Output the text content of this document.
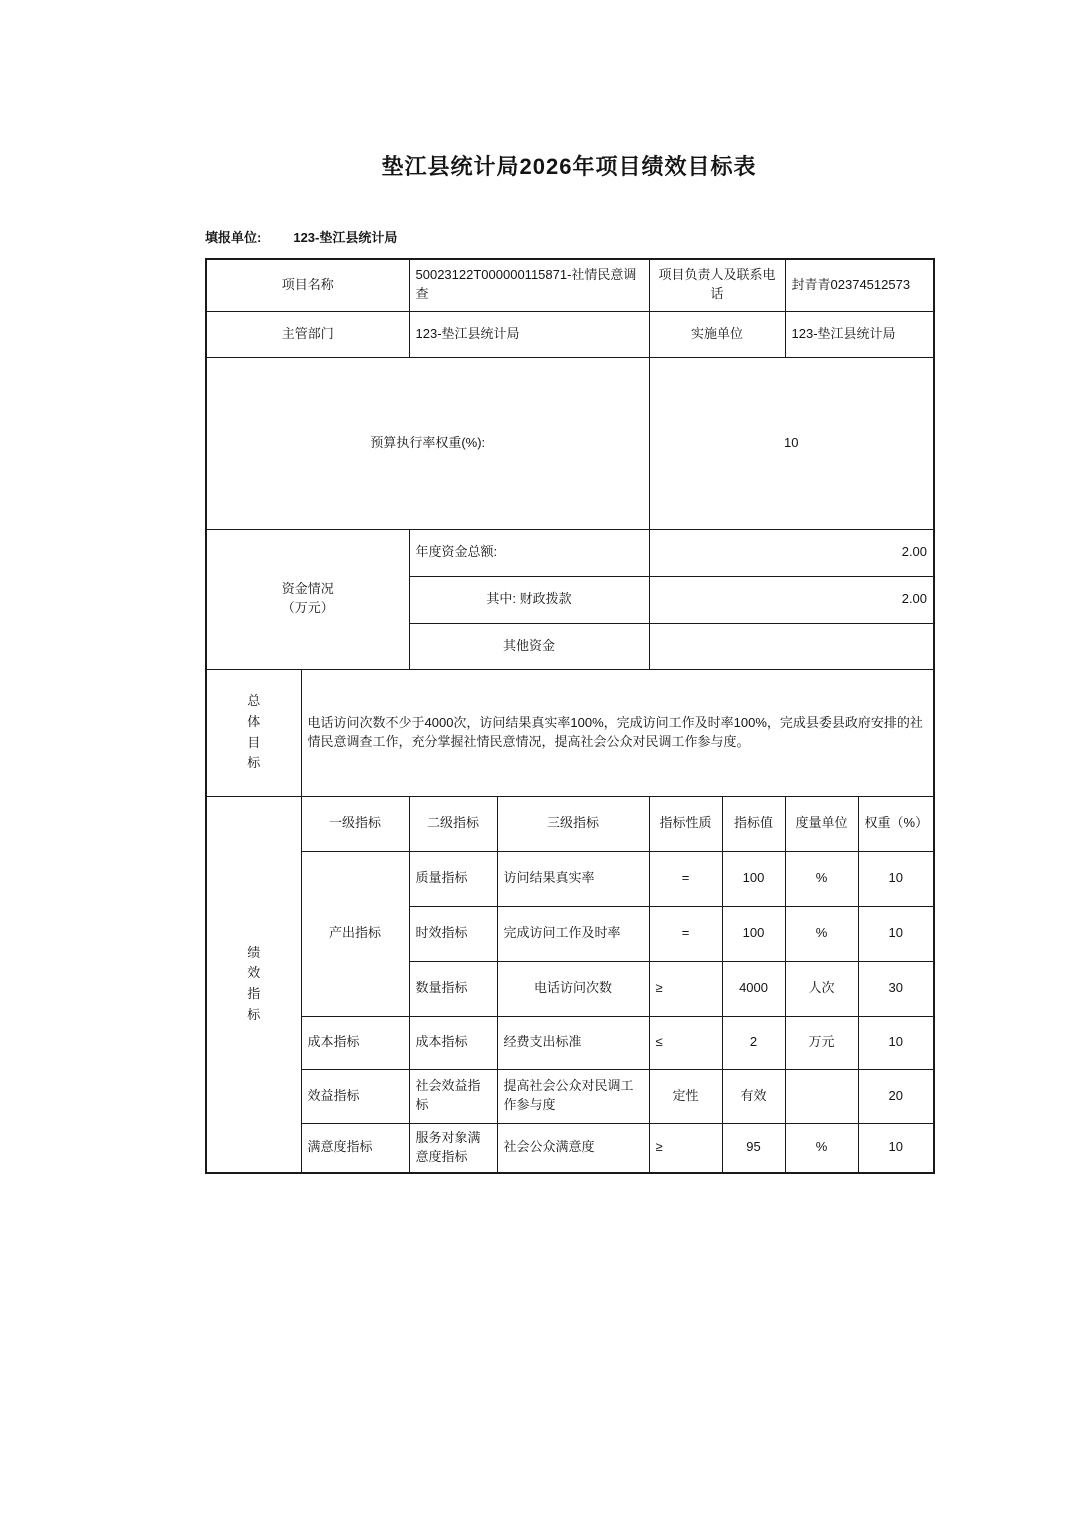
垫江县统计局2026年项目绩效目标表
填报单位: 123-垫江县统计局
项目名称		50023122T000000115871-社情民意调查		项目负责人及联系电话		封青青02374512573	
主管部门		123-垫江县统计局		实施单位		123-垫江县统计局	
预算执行率权重(%):				10			

资金情况
（万元）		年度资金总额:		2.00			
		其中: 财政拨款		2.00			
		其他资金					

总体目标	电话访问次数不少于4000次，访问结果真实率100%，完成访问工作及时率100%，完成县委县政府安排的社情民意调查工作，充分掌握社情民意情况，提高社会公众对民调工作参与度。						

绩效指标	一级指标	二级指标	三级指标	指标性质	指标值	度量单位	权重（%）
	产出指标	质量指标	访问结果真实率	=	100	%	10
		时效指标	完成访问工作及时率	=	100	%	10
		数量指标	电话访问次数	≥	4000	人次	30
	成本指标	成本指标	经费支出标准	≤	2	万元	10
	效益指标	社会效益指标	提高社会公众对民调工作参与度	定性	有效		20
	满意度指标	服务对象满意度指标	社会公众满意度	≥	95	%	10
